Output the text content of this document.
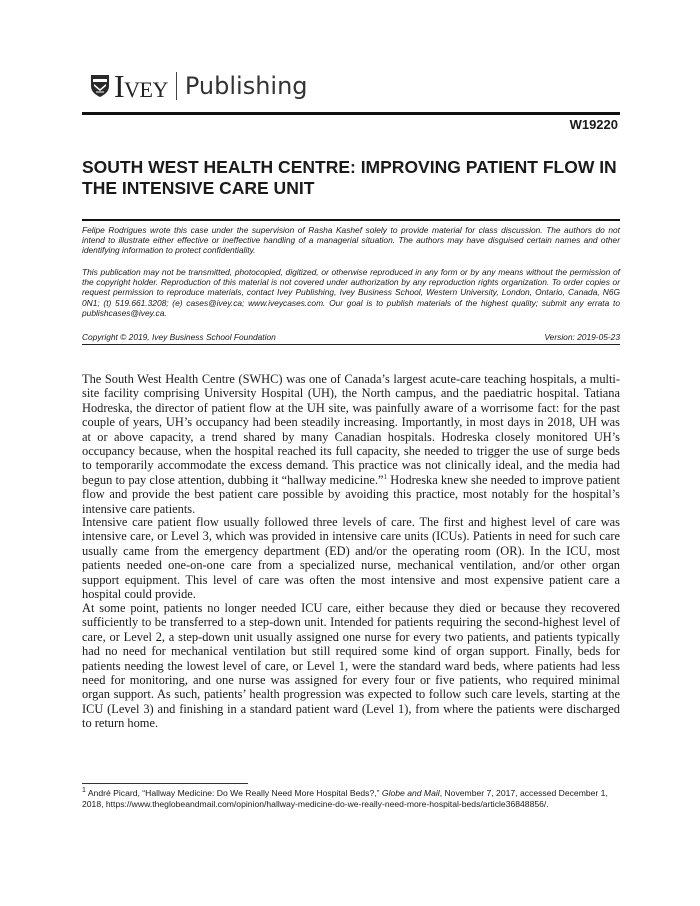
Ivey Publishing
W19220
SOUTH WEST HEALTH CENTRE: IMPROVING PATIENT FLOW IN THE INTENSIVE CARE UNIT

Felipe Rodrigues wrote this case under the supervision of Rasha Kashef solely to provide material for class discussion. The authors do not intend to illustrate either effective or ineffective handling of a managerial situation. The authors may have disguised certain names and other identifying information to protect confidentiality.

This publication may not be transmitted, photocopied, digitized, or otherwise reproduced in any form or by any means without the permission of the copyright holder. Reproduction of this material is not covered under authorization by any reproduction rights organization. To order copies or request permission to reproduce materials, contact Ivey Publishing, Ivey Business School, Western University, London, Ontario, Canada, N6G 0N1; (t) 519.661.3208; (e) cases@ivey.ca; www.iveycases.com. Our goal is to publish materials of the highest quality; submit any errata to publishcases@ivey.ca.

Copyright © 2019, Ivey Business School Foundation	Version: 2019-05-23

The South West Health Centre (SWHC) was one of Canada’s largest acute-care teaching hospitals, a multi-site facility comprising University Hospital (UH), the North campus, and the paediatric hospital. Tatiana Hodreska, the director of patient flow at the UH site, was painfully aware of a worrisome fact: for the past couple of years, UH’s occupancy had been steadily increasing. Importantly, in most days in 2018, UH was at or above capacity, a trend shared by many Canadian hospitals. Hodreska closely monitored UH’s occupancy because, when the hospital reached its full capacity, she needed to trigger the use of surge beds to temporarily accommodate the excess demand. This practice was not clinically ideal, and the media had begun to pay close attention, dubbing it “hallway medicine.”$^1$ Hodreska knew she needed to improve patient flow and provide the best patient care possible by avoiding this practice, most notably for the hospital’s intensive care patients.

Intensive care patient flow usually followed three levels of care. The first and highest level of care was intensive care, or Level 3, which was provided in intensive care units (ICUs). Patients in need for such care usually came from the emergency department (ED) and/or the operating room (OR). In the ICU, most patients needed one-on-one care from a specialized nurse, mechanical ventilation, and/or other organ support equipment. This level of care was often the most intensive and most expensive patient care a hospital could provide.

At some point, patients no longer needed ICU care, either because they died or because they recovered sufficiently to be transferred to a step-down unit. Intended for patients requiring the second-highest level of care, or Level 2, a step-down unit usually assigned one nurse for every two patients, and patients typically had no need for mechanical ventilation but still required some kind of organ support. Finally, beds for patients needing the lowest level of care, or Level 1, were the standard ward beds, where patients had less need for monitoring, and one nurse was assigned for every four or five patients, who required minimal organ support. As such, patients’ health progression was expected to follow such care levels, starting at the ICU (Level 3) and finishing in a standard patient ward (Level 1), from where the patients were discharged to return home.

$^1$ André Picard, “Hallway Medicine: Do We Really Need More Hospital Beds?,” Globe and Mail, November 7, 2017, accessed December 1, 2018, https://www.theglobeandmail.com/opinion/hallway-medicine-do-we-really-need-more-hospital-beds/article36848856/.
